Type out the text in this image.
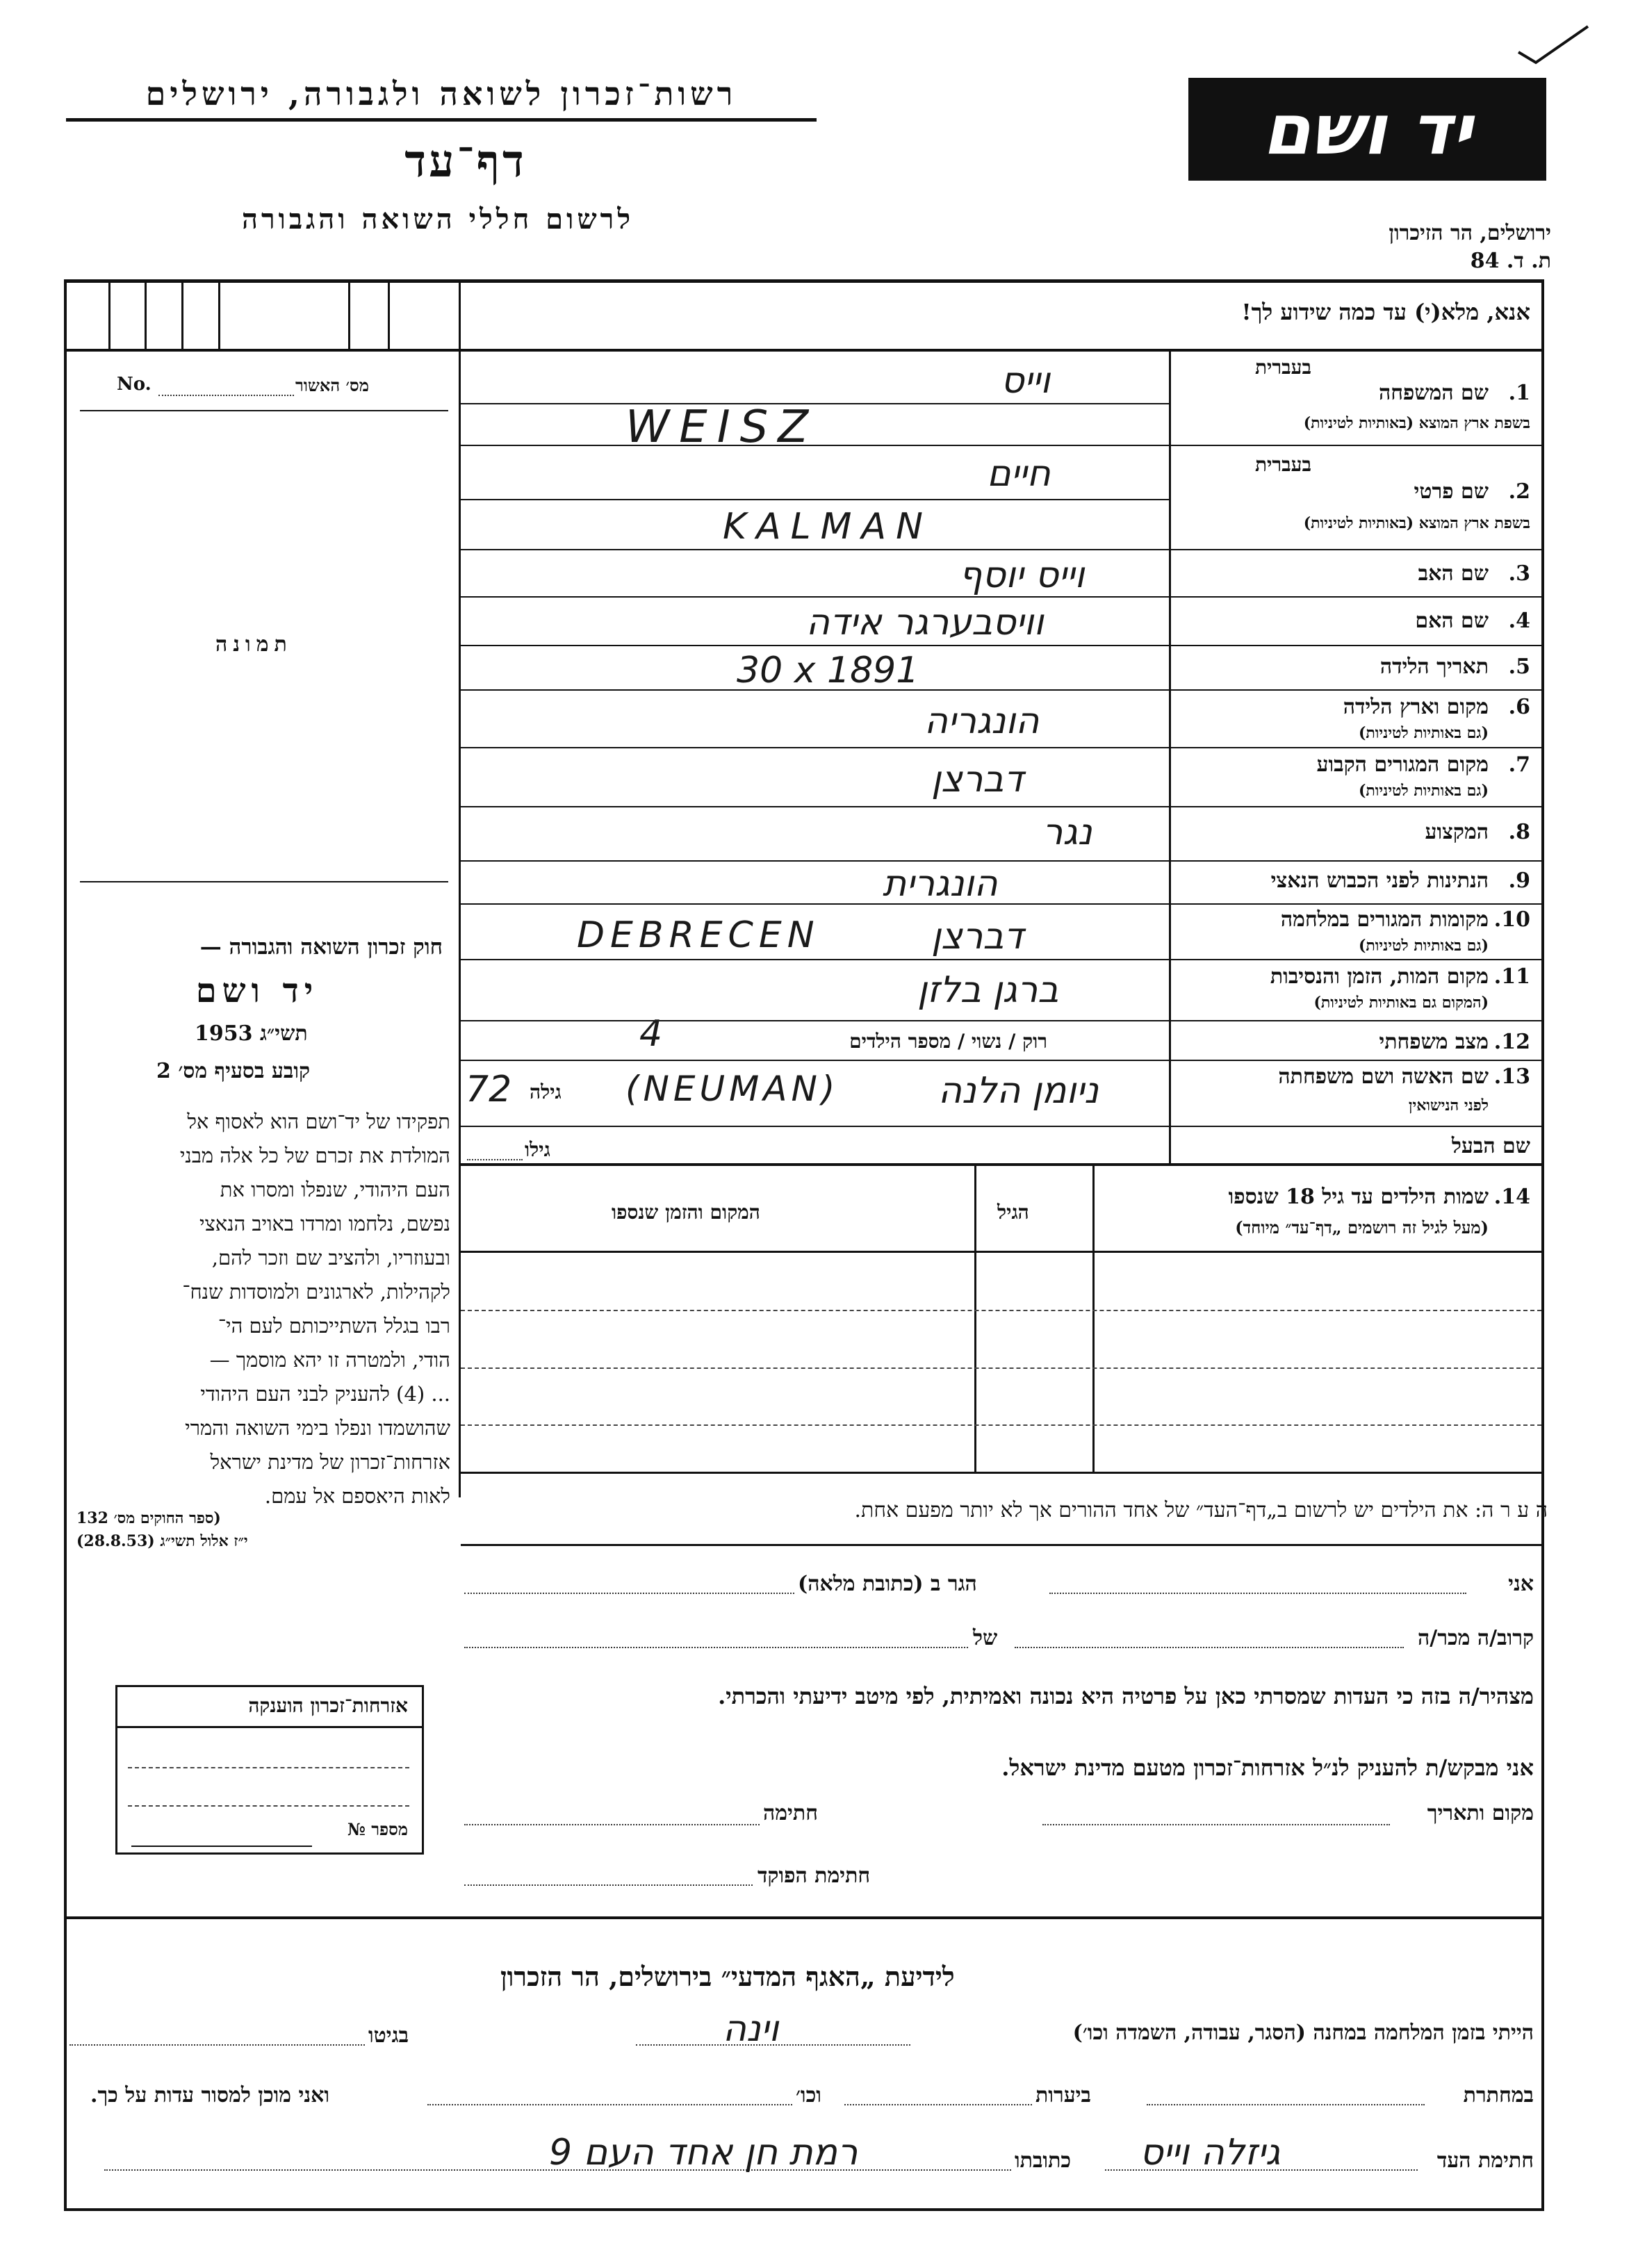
רשות־זכרון לשואה ולגבורה, ירושלים
דף־עד
לרשום חללי השואה והגבורה
יד ושם
ירושלים, הר הזיכרון
ת. ד. 84
אנא, מלא(י) עד כמה שידוע לך!
מס׳ האשור
No.
תמונה
חוק זכרון השואה והגבורה —
יד ושם
תשי״ג 1953
קובע בסעיף מס׳ 2
תפקידו של יד־ושם הוא לאסוף אל
המולדת את זכרם של כל אלה מבני
העם היהודי, שנפלו ומסרו את
נפשם, נלחמו ומרדו באויב הנאצי
ובעוזריו, ולהציב שם וזכר להם,
לקהילות, לארגונים ולמוסדות שנח־
רבו בגלל השתייכותם לעם הי־
הודי, ולמטרה זו יהא מוסמך —
... (4) להעניק לבני העם היהודי
שהושמדו ונפלו בימי השואה והמרי
אזרחות־זכרון של מדינת ישראל
לאות היאספם אל עמם.
(ספר החוקים מס׳ 132
י״ז אלול תשי״ג (28.8.53)
בעברית
1.
שם המשפחה
בשפת ארץ המוצא (באותיות לטיניות)
וייס
WEISZ
בעברית
2.
שם פרטי
בשפת ארץ המוצא (באותיות לטיניות)
חיים
KALMAN
3.
שם האב
וייס יוסף
4.
שם האם
וויסבערגר אידה
5.
תאריך הלידה
30 x 1891
6.
מקום וארץ הלידה
(גם באותיות לטיניות)
הונגריה
7.
מקום המגורים הקבוע
(גם באותיות לטיניות)
דברצן
8.
המקצוע
נגר
9.
הנתינות לפני הכבוש הנאצי
הונגרית
10.
מקומות המגורים במלחמה
(גם באותיות לטיניות)
DEBRECEN	דברצן
11.
מקום המות, הזמן והנסיבות
(המקום גם באותיות לטיניות)
ברגן בלזן
12.
מצב משפחתי
רוק / נשוי / מספר הילדים
4
13.
שם האשה ושם משפחתה
לפני הנישואין
גילה
72	(NEUMAN)	ניומן הלנה
שם הבעל
גילו
14.
שמות הילדים עד גיל 18 שנספו
(מעל לגיל זה רושמים „דף־עד״ מיוחד)
הגיל
המקום והזמן שנספו
ה ע ר ה: את הילדים יש לרשום ב„דף־העד״ של אחד ההורים אך לא יותר מפעם אחת.
אני
הגר ב (כתובת מלאה)
קרוב/ה מכר/ה
של
מצהיר/ה בזה כי העדות שמסרתי כאן על פרטיה היא נכונה ואמיתית, לפי מיטב ידיעתי והכרתי.
אני מבקש/ת להעניק לנ״ל אזרחות־זכרון מטעם מדינת ישראל.
מקום ותאריך
חתימה
חתימת הפוקד
אזרחות־זכרון הוענקה
מספר №
לידיעת „האגף המדעי״ בירושלים, הר הזכרון
הייתי בזמן המלחמה במחנה (הסגר, עבודה, השמדה וכו׳)
וינה
בגיטו
במחתרת
ביערות
וכו׳
ואני מוכן למסור עדות על כך.
חתימת העד
גיזלה וייס
כתובתו
רמת חן אחד העם 9
